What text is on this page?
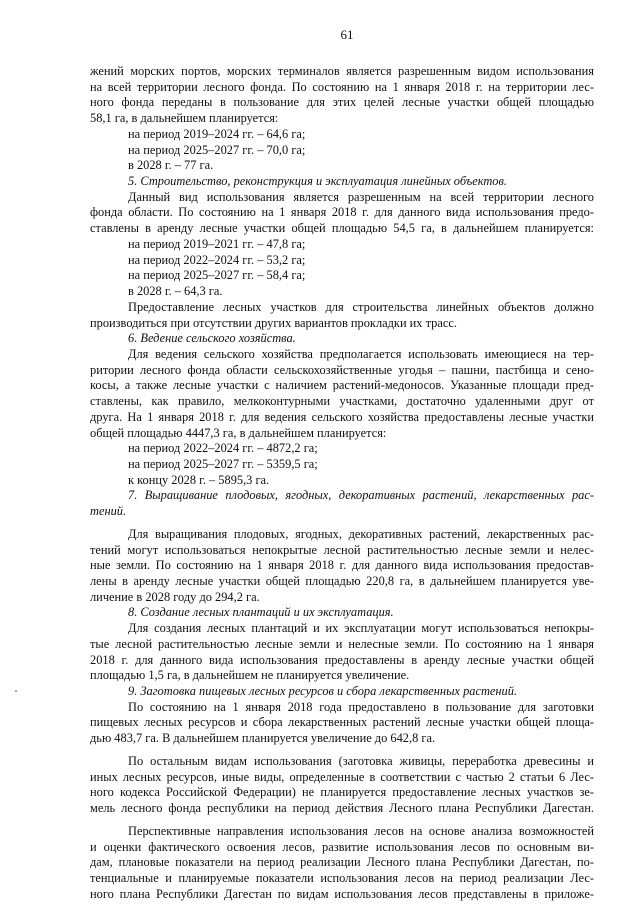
61
жений морских портов, морских терминалов является разрешенным видом использования
на всей территории лесного фонда. По состоянию на 1 января 2018 г. на территории лес-
ного фонда переданы в пользование для этих целей лесные участки общей площадью
58,1 га, в дальнейшем планируется:
на период 2019–2024 гг. – 64,6 га;
на период 2025–2027 гг. – 70,0 га;
в 2028 г. – 77 га.
5. Строительство, реконструкция и эксплуатация линейных объектов.
Данный вид использования является разрешенным на всей территории лесного
фонда области. По состоянию на 1 января 2018 г. для данного вида использования предо-
ставлены в аренду лесные участки общей площадью 54,5 га, в дальнейшем планируется:
на период 2019–2021 гг. – 47,8 га;
на период 2022–2024 гг. – 53,2 га;
на период 2025–2027 гг. – 58,4 га;
в 2028 г. – 64,3 га.
Предоставление лесных участков для строительства линейных объектов должно
производиться при отсутствии других вариантов прокладки их трасс.
6. Ведение сельского хозяйства.
Для ведения сельского хозяйства предполагается использовать имеющиеся на тер-
ритории лесного фонда области сельскохозяйственные угодья – пашни, пастбища и сено-
косы, а также лесные участки с наличием растений-медоносов. Указанные площади пред-
ставлены, как правило, мелкоконтурными участками, достаточно удаленными друг от
друга. На 1 января 2018 г. для ведения сельского хозяйства предоставлены лесные участки
общей площадью 4447,3 га, в дальнейшем планируется:
на период 2022–2024 гг. – 4872,2 га;
на период 2025–2027 гг. – 5359,5 га;
к концу 2028 г. – 5895,3 га.
7. Выращивание плодовых, ягодных, декоративных растений, лекарственных рас-
тений.
Для выращивания плодовых, ягодных, декоративных растений, лекарственных рас-
тений могут использоваться непокрытые лесной растительностью лесные земли и нелес-
ные земли. По состоянию на 1 января 2018 г. для данного вида использования предостав-
лены в аренду лесные участки общей площадью 220,8 га, в дальнейшем планируется уве-
личение в 2028 году до 294,2 га.
8. Создание лесных плантаций и их эксплуатация.
Для создания лесных плантаций и их эксплуатации могут использоваться непокры-
тые лесной растительностью лесные земли и нелесные земли. По состоянию на 1 января
2018 г. для данного вида использования предоставлены в аренду лесные участки общей
площадью 1,5 га, в дальнейшем не планируется увеличение.
9. Заготовка пищевых лесных ресурсов и сбора лекарственных растений.
По состоянию на 1 января 2018 года предоставлено в пользование для заготовки
пищевых лесных ресурсов и сбора лекарственных растений лесные участки общей площа-
дью 483,7 га. В дальнейшем планируется увеличение до 642,8 га.
По остальным видам использования (заготовка живицы, переработка древесины и
иных лесных ресурсов, иные виды, определенные в соответствии с частью 2 статьи 6 Лес-
ного кодекса Российской Федерации) не планируется предоставление лесных участков зе-
мель лесного фонда республики на период действия Лесного плана Республики Дагестан.
Перспективные направления использования лесов на основе анализа возможностей
и оценки фактического освоения лесов, развитие использования лесов по основным ви-
дам, плановые показатели на период реализации Лесного плана Республики Дагестан, по-
тенциальные и планируемые показатели использования лесов на период реализации Лес-
ного плана Республики Дагестан по видам использования лесов представлены в приложе-
